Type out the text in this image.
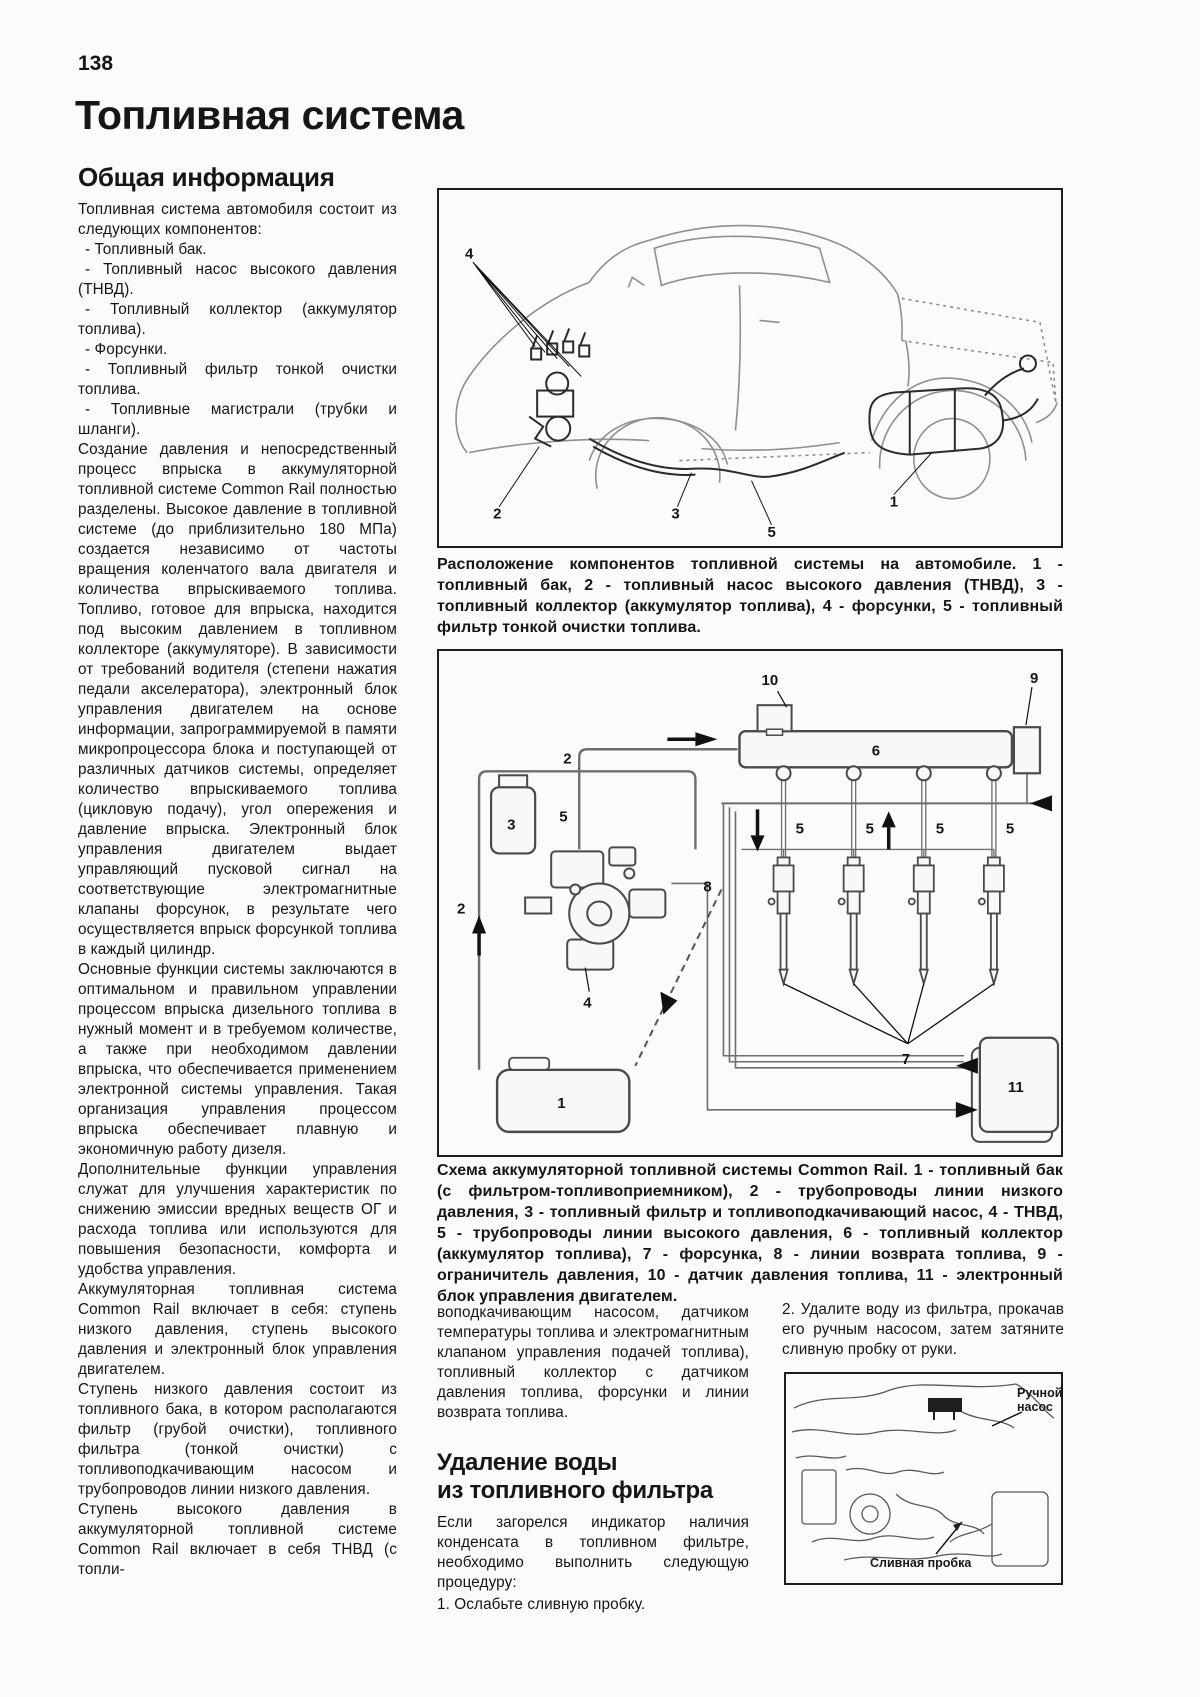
138
Топливная система
Общая информация

Топливная система автомобиля состоит из следующих компонентов:

- Топливный бак.
- Топливный насос высокого давления (ТНВД).
- Топливный коллектор (аккумулятор топлива).
- Форсунки.
- Топливный фильтр тонкой очистки топлива.
- Топливные магистрали (трубки и шланги).

Создание давления и непосредственный процесс впрыска в аккумуляторной топливной системе Common Rail полностью разделены. Высокое давление в топливной системе (до приблизительно 180 МПа) создается независимо от частоты вращения коленчатого вала двигателя и количества впрыскиваемого топлива. Топливо, готовое для впрыска, находится под высоким давлением в топливном коллекторе (аккумуляторе). В зависимости от требований водителя (степени нажатия педали акселератора), электронный блок управления двигателем на основе информации, запрограммируемой в памяти микропроцессора блока и поступающей от различных датчиков системы, определяет количество впрыскиваемого топлива (цикловую подачу), угол опережения и давление впрыска. Электронный блок управления двигателем выдает управляющий пусковой сигнал на соответствующие электромагнитные клапаны форсунок, в результате чего осуществляется впрыск форсункой топлива в каждый цилиндр.

Основные функции системы заключаются в оптимальном и правильном управлении процессом впрыска дизельного топлива в нужный момент и в требуемом количестве, а также при необходимом давлении впрыска, что обеспечивается применением электронной системы управления. Такая организация управления процессом впрыска обеспечивает плавную и экономичную работу дизеля.

Дополнительные функции управления служат для улучшения характеристик по снижению эмиссии вредных веществ ОГ и расхода топлива или используются для повышения безопасности, комфорта и удобства управления.

Аккумуляторная топливная система Common Rail включает в себя: ступень низкого давления, ступень высокого давления и электронный блок управления двигателем.

Ступень низкого давления состоит из топливного бака, в котором располагаются фильтр (грубой очистки), топливного фильтра (тонкой очистки) с топливоподкачивающим насосом и трубопроводов линии низкого давления.

Ступень высокого давления в аккумуляторной топливной системе Common Rail включает в себя ТНВД (с топли-

4
2	3
5
1

Расположение компонентов топливной системы на автомобиле. 1 - топливный бак, 2 - топливный насос высокого давления (ТНВД), 3 - топливный коллектор (аккумулятор топлива), 4 - форсунки, 5 - топливный фильтр тонкой очистки топлива.

10	9
6
5
5	5	5	5
8
7
11
2
2
3
4
1

Схема аккумуляторной топливной системы Common Rail. 1 - топливный бак (с фильтром-топливоприемником), 2 - трубопроводы линии низкого давления, 3 - топливный фильтр и топливоподкачивающий насос, 4 - ТНВД, 5 - трубопроводы линии высокого давления, 6 - топливный коллектор (аккумулятор топлива), 7 - форсунка, 8 - линии возврата топлива, 9 - ограничитель давления, 10 - датчик давления топлива, 11 - электронный блок управления двигателем.

воподкачивающим насосом, датчиком температуры топлива и электромагнитным клапаном управления подачей топлива), топливный коллектор с датчиком давления топлива, форсунки и линии возврата топлива.

Удаление воды
из топливного фильтра

Если загорелся индикатор наличия конденсата в топливном фильтре, необходимо выполнить следующую процедуру:

1. Ослабьте сливную пробку.

2. Удалите воду из фильтра, прокачав его ручным насосом, затем затяните сливную пробку от руки.

Ручной насос
Сливная пробка
